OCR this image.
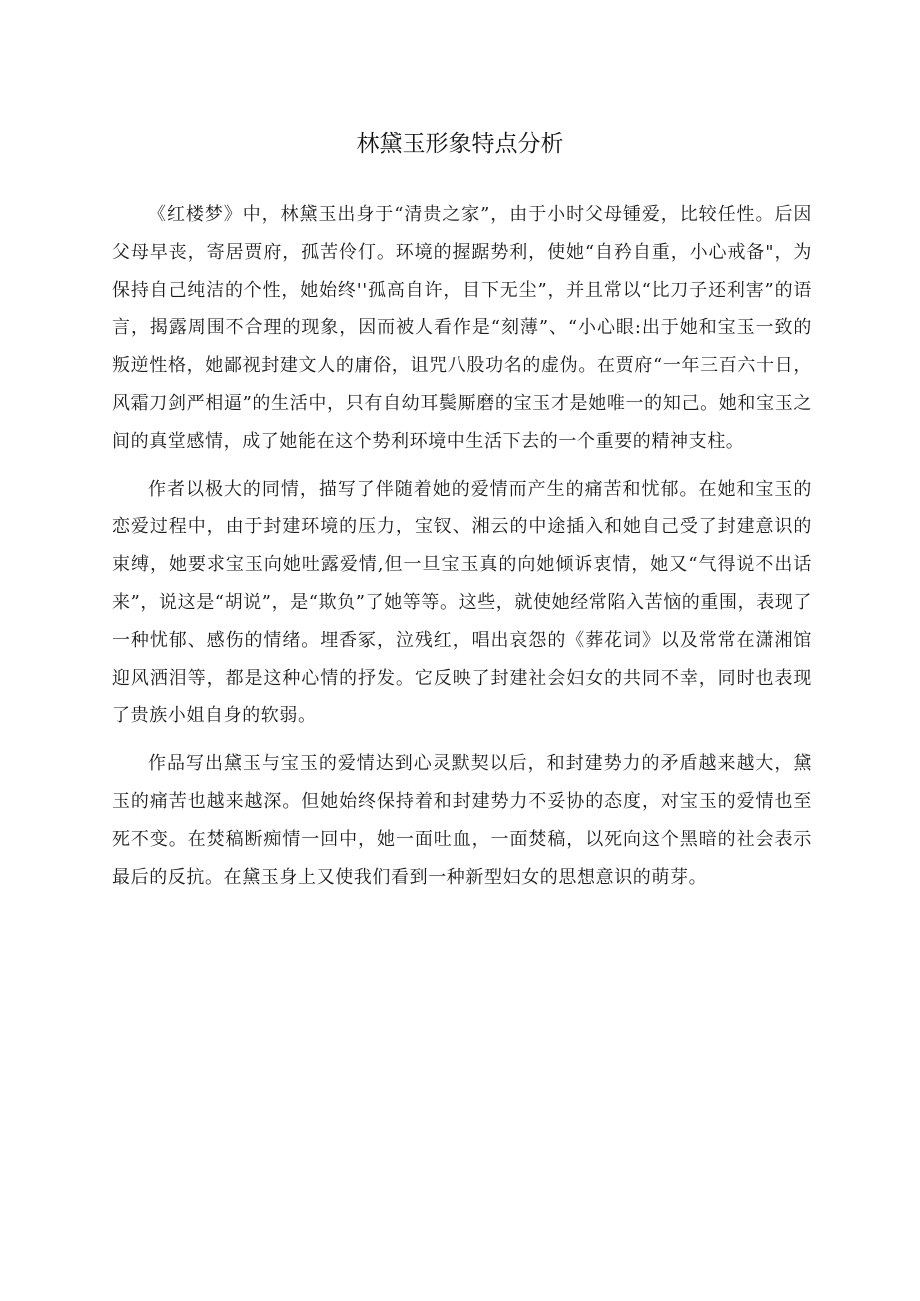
林黛玉形象特点分析

《红楼梦》中，林黛玉出身于“清贵之家”，由于小时父母锺爱，比较任性。后因父母早丧，寄居贾府，孤苦伶仃。环境的握踞势利，使她“自矜自重，小心戒备"，为保持自己纯洁的个性，她始终''孤高自许，目下无尘”，并且常以“比刀子还利害”的语言，揭露周围不合理的现象，因而被人看作是“刻薄”、“小心眼:出于她和宝玉一致的叛逆性格，她鄙视封建文人的庸俗，诅咒八股功名的虚伪。在贾府“一年三百六十日，风霜刀剑严相逼”的生活中，只有自幼耳鬓厮磨的宝玉才是她唯一的知己。她和宝玉之间的真堂感情，成了她能在这个势利环境中生活下去的一个重要的精神支柱。

作者以极大的同情，描写了伴随着她的爱情而产生的痛苦和忧郁。在她和宝玉的恋爱过程中，由于封建环境的压力，宝钗、湘云的中途插入和她自己受了封建意识的束缚，她要求宝玉向她吐露爱情,但一旦宝玉真的向她倾诉衷情，她又“气得说不出话来”，说这是“胡说”，是“欺负”了她等等。这些，就使她经常陷入苦恼的重围，表现了一种忧郁、感伤的情绪。埋香冢，泣残红，唱出哀怨的《葬花词》以及常常在潇湘馆迎风洒泪等，都是这种心情的抒发。它反映了封建社会妇女的共同不幸，同时也表现了贵族小姐自身的软弱。

作品写出黛玉与宝玉的爱情达到心灵默契以后，和封建势力的矛盾越来越大，黛玉的痛苦也越来越深。但她始终保持着和封建势力不妥协的态度，对宝玉的爱情也至死不变。在焚稿断痴情一回中，她一面吐血，一面焚稿，以死向这个黑暗的社会表示最后的反抗。在黛玉身上又使我们看到一种新型妇女的思想意识的萌芽。
